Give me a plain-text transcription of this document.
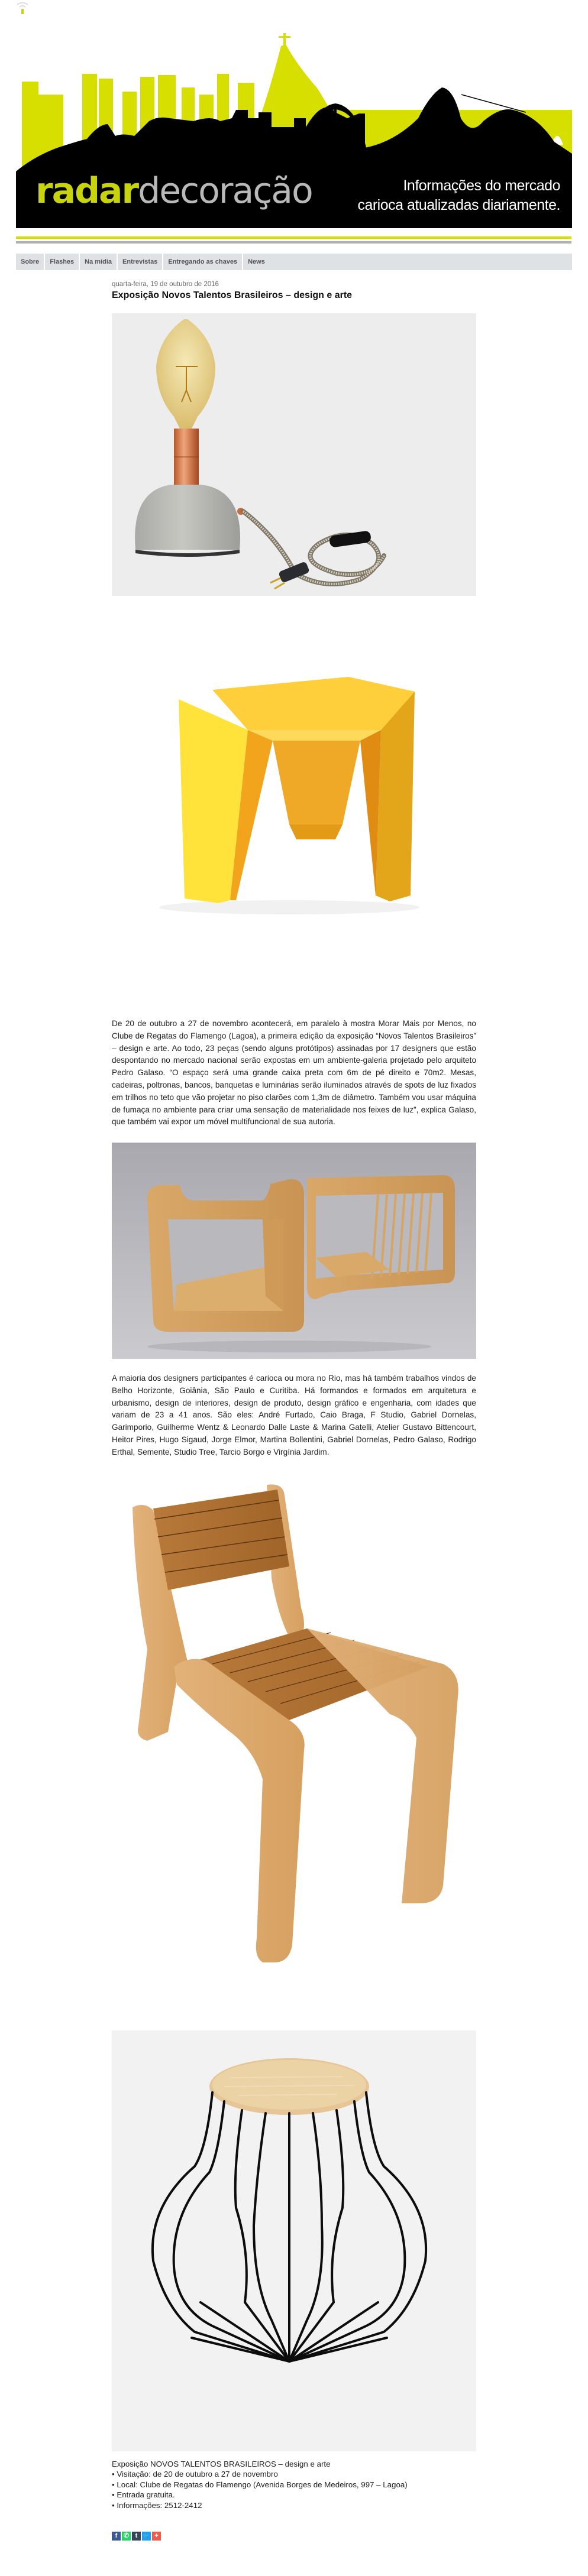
radardecoração	Informações do mercado
carioca atualizadas diariamente.
Sobre	Flashes	Na mídia	Entrevistas	Entregando as chaves	News
quarta-feira, 19 de outubro de 2016
Exposição Novos Talentos Brasileiros – design e arte

De 20 de outubro a 27 de novembro acontecerá, em paralelo à mostra Morar Mais por Menos, no Clube de Regatas do Flamengo (Lagoa), a primeira edição da exposição “Novos Talentos Brasileiros” – design e arte. Ao todo, 23 peças (sendo alguns protótipos) assinadas por 17 designers que estão despontando no mercado nacional serão expostas em um ambiente-galeria projetado pelo arquiteto Pedro Galaso. “O espaço será uma grande caixa preta com 6m de pé direito e 70m2. Mesas, cadeiras, poltronas, bancos, banquetas e luminárias serão iluminados através de spots de luz fixados em trilhos no teto que vão projetar no piso clarões com 1,3m de diâmetro. Também vou usar máquina de fumaça no ambiente para criar uma sensação de materialidade nos feixes de luz”, explica Galaso, que também vai expor um móvel multifuncional de sua autoria.

A maioria dos designers participantes é carioca ou mora no Rio, mas há também trabalhos vindos de Belho Horizonte, Goiânia, São Paulo e Curitiba. Há formandos e formados em arquitetura e urbanismo, design de interiores, design de produto, design gráfico e engenharia, com idades que variam de 23 a 41 anos. São eles: André Furtado, Caio Braga, F Studio, Gabriel Dornelas, Garimporio, Guilherme Wentz & Leonardo Dalle Laste & Marina Gatelli, Atelier Gustavo Bittencourt, Heitor Pires, Hugo Sigaud, Jorge Elmor, Martina Bollentini, Gabriel Dornelas, Pedro Galaso, Rodrigo Erthal, Semente, Studio Tree, Tarcio Borgo e Virgínia Jardim.

Exposição NOVOS TALENTOS BRASILEIROS – design e arte
• Visitação: de 20 de outubro a 27 de novembro
• Local: Clube de Regatas do Flamengo (Avenida Borges de Medeiros, 997 – Lagoa)
• Entrada gratuita.
• Informações: 2512-2412
f ✆ t	🐦 +
